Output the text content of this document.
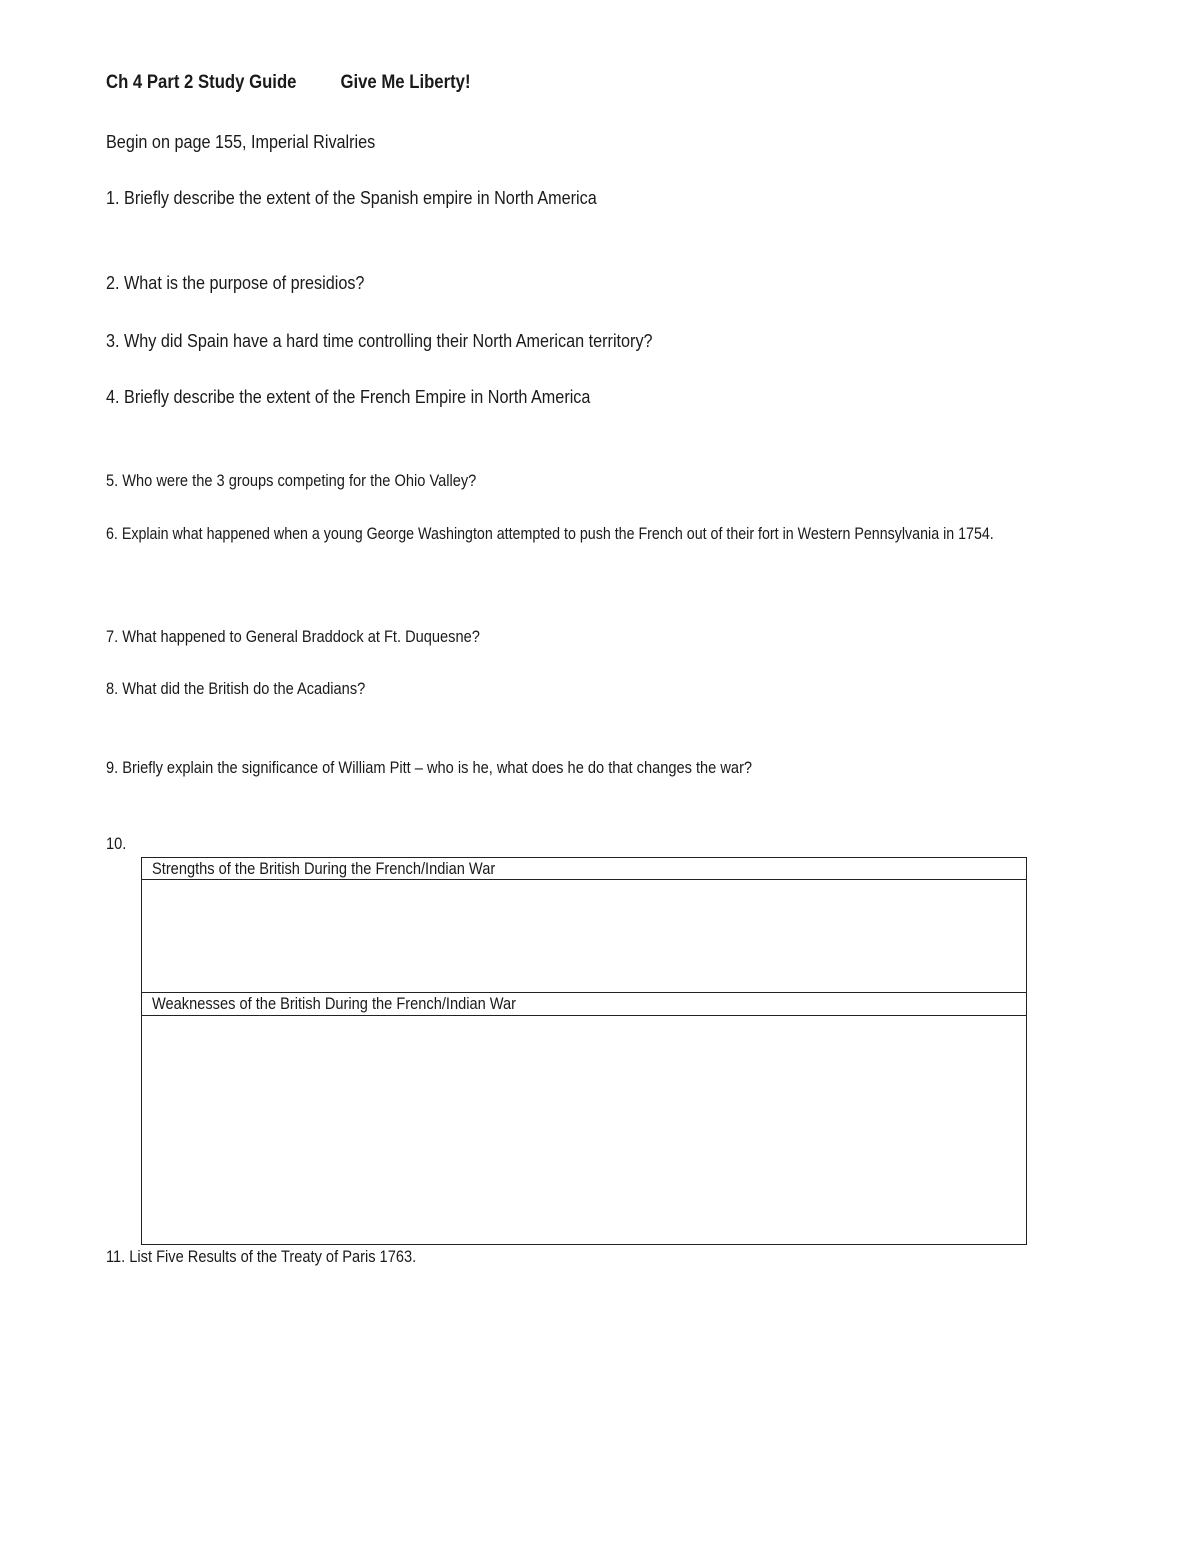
Ch 4 Part 2 Study Guide Give Me Liberty!
Begin on page 155, Imperial Rivalries
1. Briefly describe the extent of the Spanish empire in North America
2. What is the purpose of presidios?
3. Why did Spain have a hard time controlling their North American territory?
4. Briefly describe the extent of the French Empire in North America
5. Who were the 3 groups competing for the Ohio Valley?
6. Explain what happened when a young George Washington attempted to push the French out of their fort in Western Pennsylvania in 1754.
7. What happened to General Braddock at Ft. Duquesne?
8. What did the British do the Acadians?
9. Briefly explain the significance of William Pitt – who is he, what does he do that changes the war?
10.
Strengths of the British During the French/Indian War
Weaknesses of the British During the French/Indian War
11. List Five Results of the Treaty of Paris 1763.
